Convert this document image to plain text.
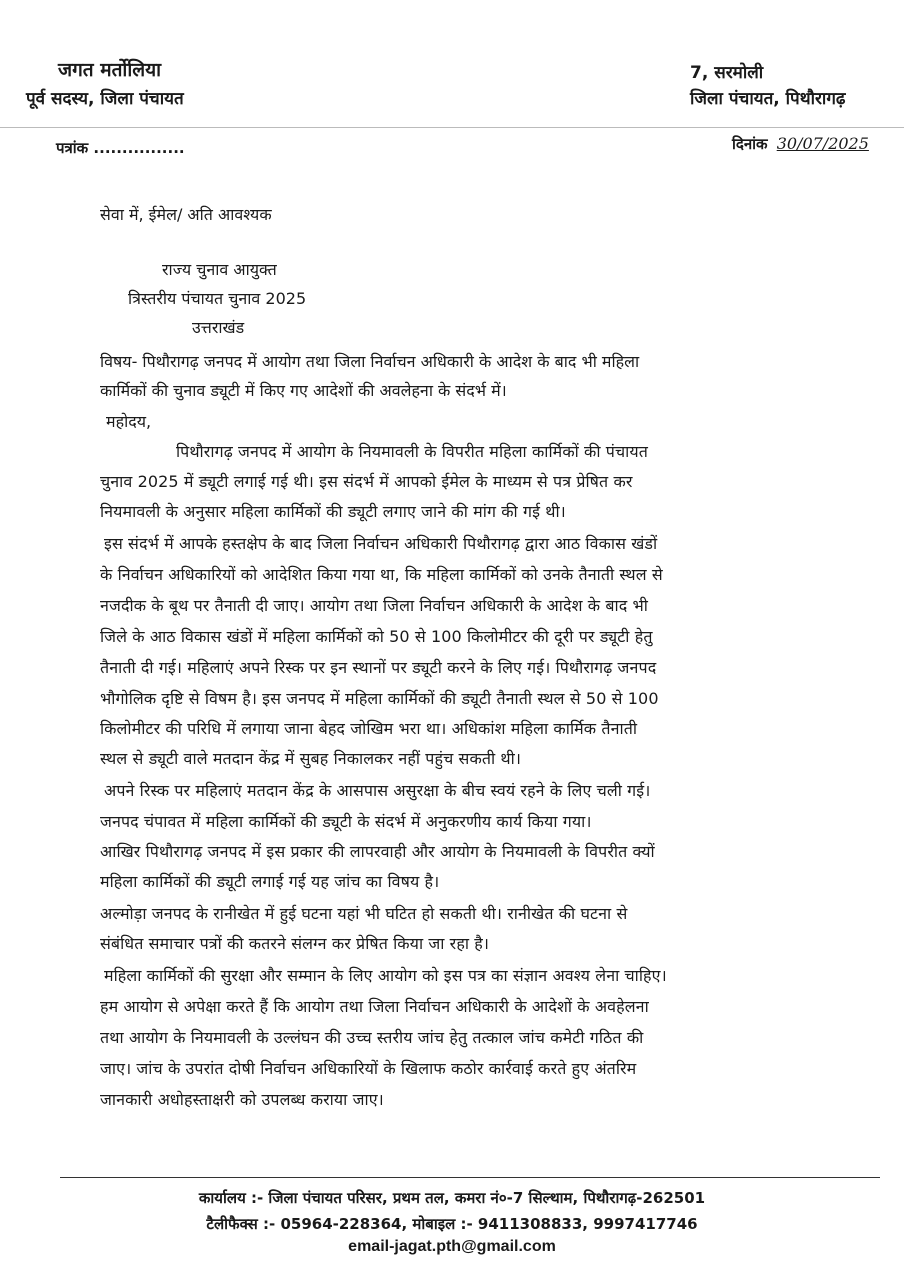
जगत मर्तोलिया
पूर्व सदस्य, जिला पंचायत
7, सरमोली
जिला पंचायत, पिथौरागढ़
पत्रांक ................	दिनांक 30/07/2025
सेवा में, ईमेल/ अति आवश्यक
राज्य चुनाव आयुक्त
त्रिस्तरीय पंचायत चुनाव 2025
उत्तराखंड
विषय- पिथौरागढ़ जनपद में आयोग तथा जिला निर्वाचन अधिकारी के आदेश के बाद भी महिला
कार्मिकों की चुनाव ड्यूटी में किए गए आदेशों की अवलेहना के संदर्भ में।
महोदय,
पिथौरागढ़ जनपद में आयोग के नियमावली के विपरीत महिला कार्मिकों की पंचायत
चुनाव 2025 में ड्यूटी लगाई गई थी। इस संदर्भ में आपको ईमेल के माध्यम से पत्र प्रेषित कर
नियमावली के अनुसार महिला कार्मिकों की ड्यूटी लगाए जाने की मांग की गई थी।
इस संदर्भ में आपके हस्तक्षेप के बाद जिला निर्वाचन अधिकारी पिथौरागढ़ द्वारा आठ विकास खंडों
के निर्वाचन अधिकारियों को आदेशित किया गया था, कि महिला कार्मिकों को उनके तैनाती स्थल से
नजदीक के बूथ पर तैनाती दी जाए। आयोग तथा जिला निर्वाचन अधिकारी के आदेश के बाद भी
जिले के आठ विकास खंडों में महिला कार्मिकों को 50 से 100 किलोमीटर की दूरी पर ड्यूटी हेतु
तैनाती दी गई। महिलाएं अपने रिस्क पर इन स्थानों पर ड्यूटी करने के लिए गई। पिथौरागढ़ जनपद
भौगोलिक दृष्टि से विषम है। इस जनपद में महिला कार्मिकों की ड्यूटी तैनाती स्थल से 50 से 100
किलोमीटर की परिधि में लगाया जाना बेहद जोखिम भरा था। अधिकांश महिला कार्मिक तैनाती
स्थल से ड्यूटी वाले मतदान केंद्र में सुबह निकालकर नहीं पहुंच सकती थी।
अपने रिस्क पर महिलाएं मतदान केंद्र के आसपास असुरक्षा के बीच स्वयं रहने के लिए चली गई।
जनपद चंपावत में महिला कार्मिकों की ड्यूटी के संदर्भ में अनुकरणीय कार्य किया गया।
आखिर पिथौरागढ़ जनपद में इस प्रकार की लापरवाही और आयोग के नियमावली के विपरीत क्यों
महिला कार्मिकों की ड्यूटी लगाई गई यह जांच का विषय है।
अल्मोड़ा जनपद के रानीखेत में हुई घटना यहां भी घटित हो सकती थी। रानीखेत की घटना से
संबंधित समाचार पत्रों की कतरने संलग्न कर प्रेषित किया जा रहा है।
महिला कार्मिकों की सुरक्षा और सम्मान के लिए आयोग को इस पत्र का संज्ञान अवश्य लेना चाहिए।
हम आयोग से अपेक्षा करते हैं कि आयोग तथा जिला निर्वाचन अधिकारी के आदेशों के अवहेलना
तथा आयोग के नियमावली के उल्लंघन की उच्च स्तरीय जांच हेतु तत्काल जांच कमेटी गठित की
जाए। जांच के उपरांत दोषी निर्वाचन अधिकारियों के खिलाफ कठोर कार्रवाई करते हुए अंतरिम
जानकारी अधोहस्ताक्षरी को उपलब्ध कराया जाए।
कार्यालय :- जिला पंचायत परिसर, प्रथम तल, कमरा नं०-7 सिल्थाम, पिथौरागढ़-262501
टैलीफैक्स :- 05964-228364, मोबाइल :- 9411308833, 9997417746
email-jagat.pth@gmail.com
